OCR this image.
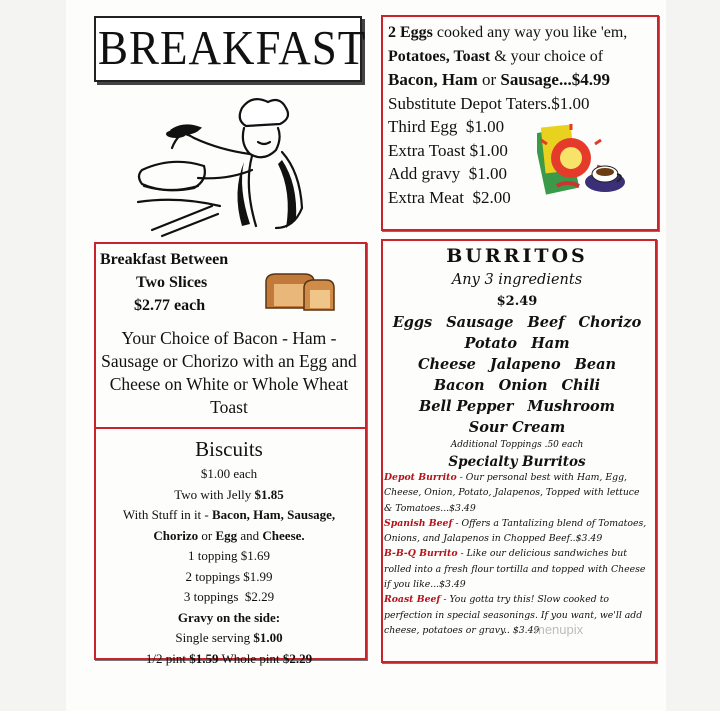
BREAKFAST 2 Eggs cooked any way you like 'em,
Potatoes, Toast & your choice of
Bacon, Ham or Sausage...$4.99
Substitute Depot Taters.$1.00
Third Egg  $1.00
Extra Toast $1.00
Add gravy  $1.00
Extra Meat  $2.00
Breakfast Between
Two Slices
$2.77 each
Your Choice of Bacon - Ham - Sausage or Chorizo with an Egg and Cheese on White or Whole Wheat Toast
Biscuits
$1.00 each
Two with Jelly $1.85
With Stuff in it - Bacon, Ham, Sausage,
Chorizo or Egg and Cheese.
1 topping $1.69
2 toppings $1.99
3 toppings  $2.29
Gravy on the side:
Single serving $1.00
1/2 pint $1.59 Whole pint $2.29
BURRITOS
Any 3 ingredients
$2.49
Eggs Sausage Beef Chorizo
Potato Ham
Cheese Jalapeno Bean
Bacon Onion Chili
Bell Pepper Mushroom
Sour Cream
Additional Toppings .50 each
Specialty Burritos
Depot Burrito - Our personal best with Ham, Egg, Cheese, Onion, Potato, Jalapenos, Topped with lettuce & Tomatoes...$3.49
Spanish Beef - Offers a Tantalizing blend of Tomatoes, Onions, and Jalapenos in Chopped Beef..$3.49
B-B-Q Burrito - Like our delicious sandwiches but rolled into a fresh flour tortilla and topped with Cheese if you like...$3.49
Roast Beef - You gotta try this! Slow cooked to perfection in special seasonings. If you want, we'll add cheese, potatoes or gravy.. $3.49
menupix
